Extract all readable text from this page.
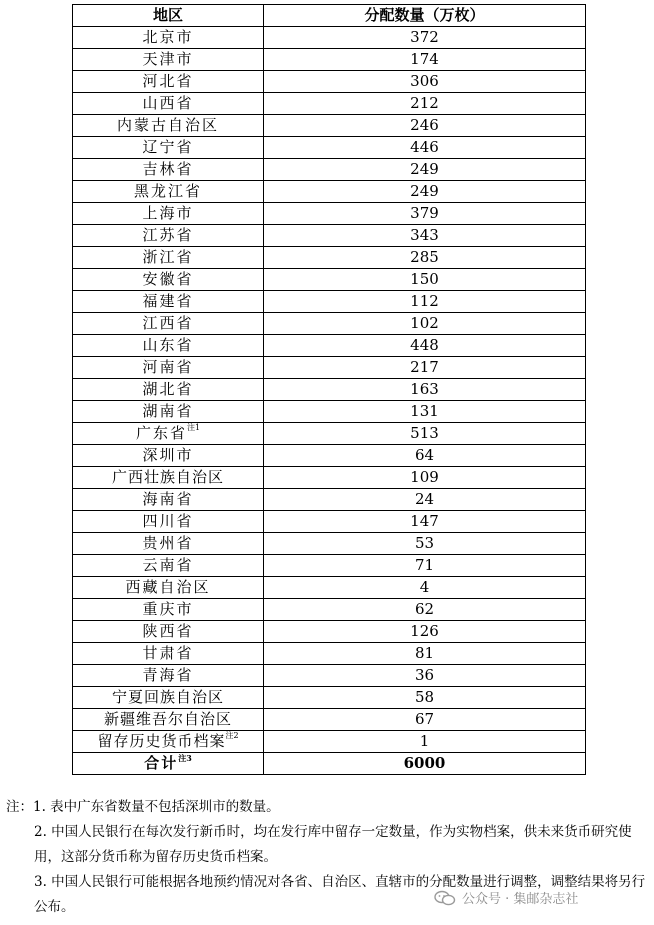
地区	分配数量（万枚）
北京市	372
天津市	174
河北省	306
山西省	212
内蒙古自治区	246
辽宁省	446
吉林省	249
黑龙江省	249
上海市	379
江苏省	343
浙江省	285
安徽省	150
福建省	112
江西省	102
山东省	448
河南省	217
湖北省	163
湖南省	131
广东省$^{注1}$	513
深圳市	64
广西壮族自治区	109
海南省	24
四川省	147
贵州省	53
云南省	71
西藏自治区	4
重庆市	62
陕西省	126
甘肃省	81
青海省	36
宁夏回族自治区	58
新疆维吾尔自治区	67
留存历史货币档案$^{注2}$	1
合计$^{注3}$	6000

注：1. 表中广东省数量不包括深圳市的数量。

2. 中国人民银行在每次发行新币时，均在发行库中留存一定数量，作为实物档案，供未来货币研究使用，这部分货币称为留存历史货币档案。

3. 中国人民银行可能根据各地预约情况对各省、自治区、直辖市的分配数量进行调整，调整结果将另行公布。	公众号 · 集邮杂志社
